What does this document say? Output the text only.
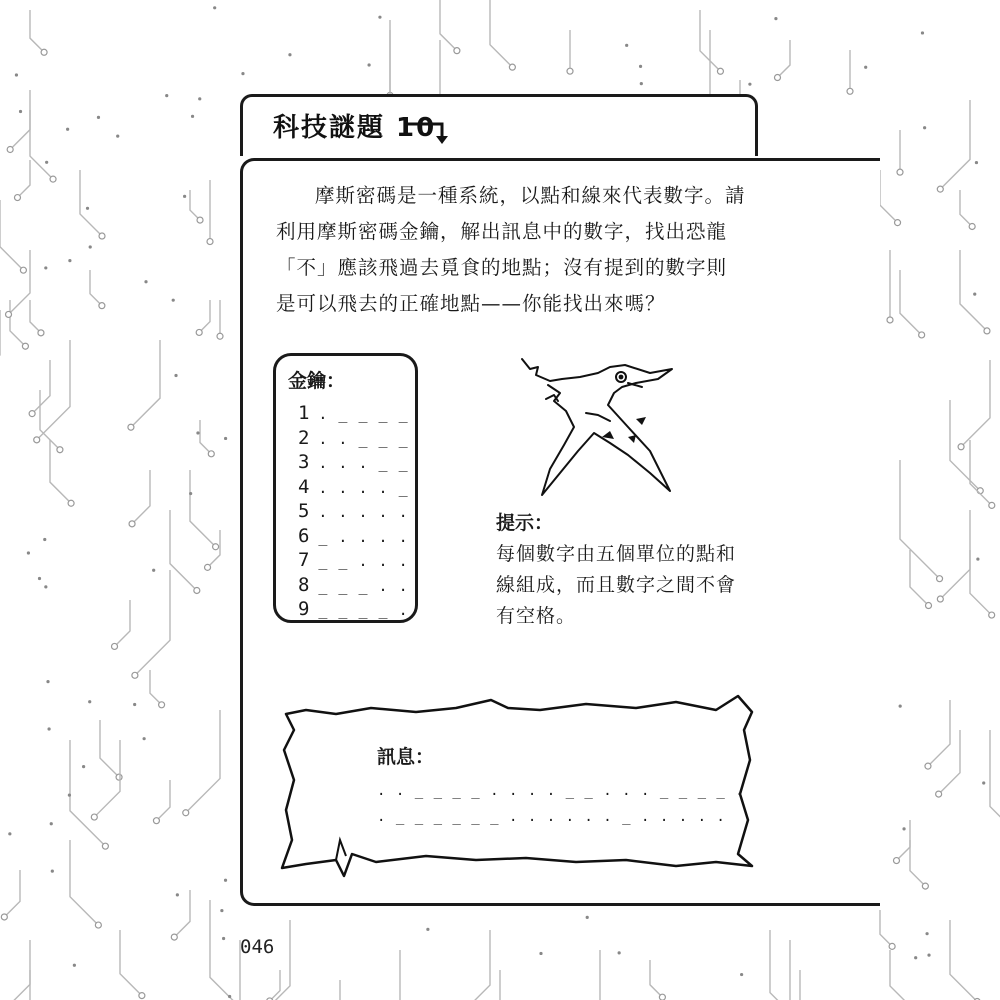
科技謎題 10

摩斯密碼是一種系統，以點和線來代表數字。請利用摩斯密碼金鑰，解出訊息中的數字，找出恐龍「不」應該飛過去覓食的地點；沒有提到的數字則是可以飛去的正確地點——你能找出來嗎？

金鑰：
1 . _ _ _ _
2 . . _ _ _
3 . . . _ _
4 . . . . _
5 . . . . .
6 _ . . . .
7 _ _ . . .
8 _ _ _ . .
9 _ _ _ _ .
提示：

每個數字由五個單位的點和線組成，而且數字之間不會有空格。

訊息：
. . _ _ _ _ . . . . _ _ . . . _ _ _ _ .
. _ _ _ _ _ _ . . . . . . _ . . . . .
046
